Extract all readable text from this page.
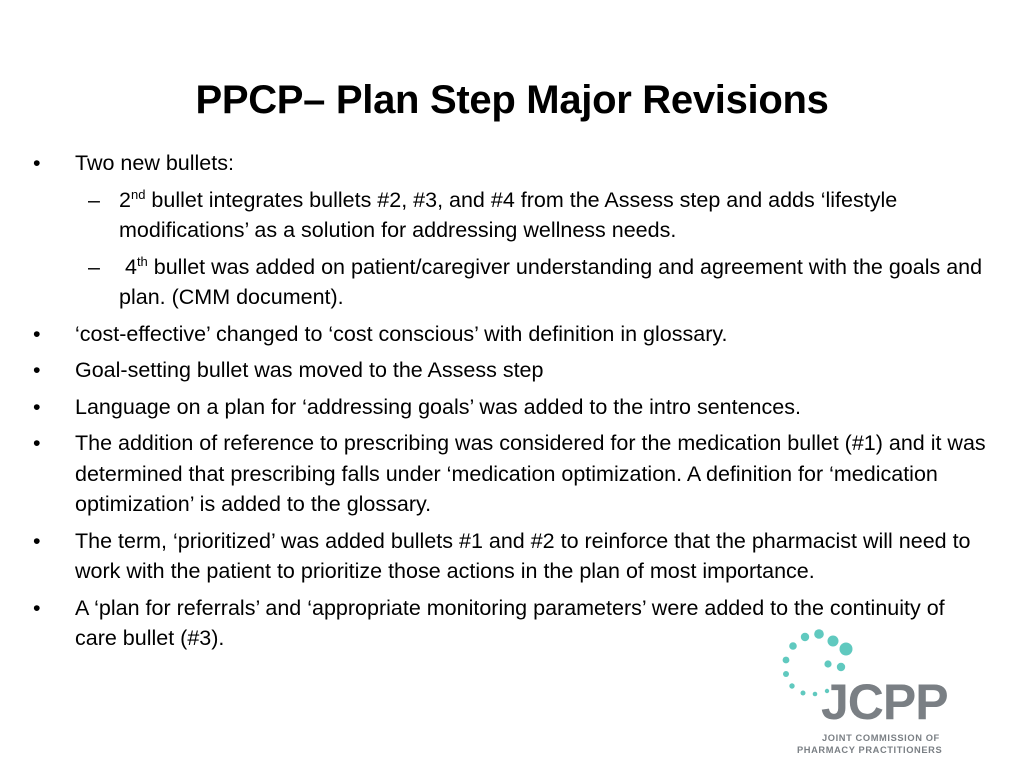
PPCP– Plan Step Major Revisions
• Two new bullets:
– 2nd bullet integrates bullets #2, #3, and #4 from the Assess step and adds ‘lifestyle modifications’ as a solution for addressing wellness needs.
– 4th bullet was added on patient/caregiver understanding and agreement with the goals and plan. (CMM document).
• ‘cost-effective’ changed to ‘cost conscious’ with definition in glossary.
• Goal-setting bullet was moved to the Assess step
• Language on a plan for ‘addressing goals’ was added to the intro sentences.
• The addition of reference to prescribing was considered for the medication bullet (#1) and it was determined that prescribing falls under ‘medication optimization. A definition for ‘medication optimization’ is added to the glossary.
• The term, ‘prioritized’ was added bullets #1 and #2 to reinforce that the pharmacist will need to work with the patient to prioritize those actions in the plan of most importance.
• A ‘plan for referrals’ and ‘appropriate monitoring parameters’ were added to the continuity of care bullet (#3).
JCPP
JOINT COMMISSION OF
PHARMACY PRACTITIONERS
